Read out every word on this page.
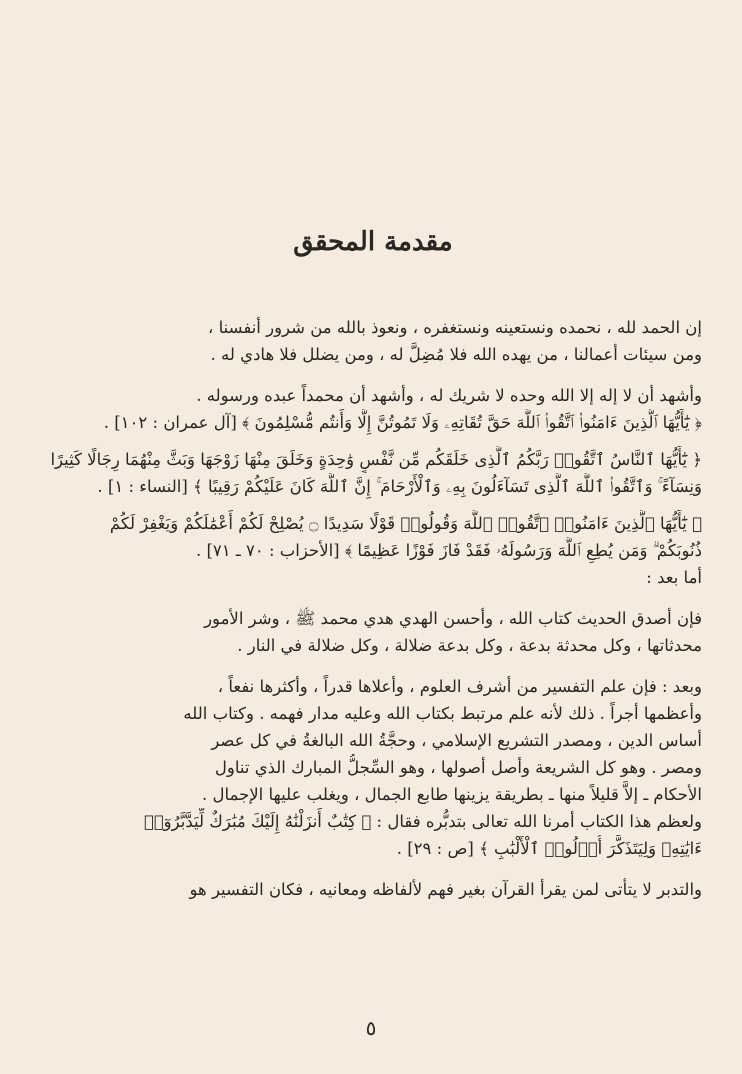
مقدمة المحقق

إن الحمد لله ، نحمده ونستعينه ونستغفره ، ونعوذ بالله من شرور أنفسنا ،
ومن سيئات أعمالنا ، من يهده الله فلا مُضِلَّ له ، ومن يضلل فلا هادي له .

وأشهد أن لا إله إلا الله وحده لا شريك له ، وأشهد أن محمداً عبده ورسوله .
﴿ يَٰٓأَيُّهَا ٱلَّذِينَ ءَامَنُوا۟ ٱتَّقُوا۟ ٱللَّهَ حَقَّ تُقَاتِهِۦ وَلَا تَمُوتُنَّ إِلَّا وَأَنتُم مُّسْلِمُونَ ﴾ [آل عمران : ١٠٢] .

﴿ يَٰٓأَيُّهَا ٱلنَّاسُ ٱتَّقُوا۟ رَبَّكُمُ ٱلَّذِى خَلَقَكُم مِّن نَّفْسٍ وَٰحِدَةٍ وَخَلَقَ مِنْهَا زَوْجَهَا وَبَثَّ مِنْهُمَا رِجَالًا كَثِيرًا
وَنِسَآءً ۚ وَٱتَّقُوا۟ ٱللَّهَ ٱلَّذِى تَسَآءَلُونَ بِهِۦ وَٱلْأَرْحَامَ ۚ إِنَّ ٱللَّهَ كَانَ عَلَيْكُمْ رَقِيبًا ﴾ [النساء : ١] .

﴿ يَٰٓأَيُّهَا ٱلَّذِينَ ءَامَنُوا۟ ٱتَّقُوا۟ ٱللَّهَ وَقُولُوا۟ قَوْلًا سَدِيدًا ۝ يُصْلِحْ لَكُمْ أَعْمَٰلَكُمْ وَيَغْفِرْ لَكُمْ
ذُنُوبَكُمْ ۗ وَمَن يُطِعِ ٱللَّهَ وَرَسُولَهُۥ فَقَدْ فَازَ فَوْزًا عَظِيمًا ﴾ [الأحزاب : ٧٠ ـ ٧١] .

أما بعد :

فإن أصدق الحديث كتاب الله ، وأحسن الهدي هدي محمد ﷺ ، وشر الأمور
محدثاتها ، وكل محدثة بدعة ، وكل بدعة ضلالة ، وكل ضلالة في النار .

وبعد : فإن علم التفسير من أشرف العلوم ، وأعلاها قدراً ، وأكثرها نفعاً ،
وأعظمها أجراً . ذلك لأنه علم مرتبط بكتاب الله وعليه مدار فهمه . وكتاب الله
أساس الدين ، ومصدر التشريع الإسلامي ، وحجَّةُ الله البالغةُ في كل عصر
ومصر . وهو كل الشريعة وأصل أصولها ، وهو السِّجلُّ المبارك الذي تناول
الأحكام ـ إلاَّ قليلاً منها ـ بطريقة يزينها طابع الجمال ، ويغلب عليها الإجمال .
ولعظم هذا الكتاب أمرنا الله تعالى بتدبُّره فقال : ﴿ كِتَٰبٌ أَنزَلْنَٰهُ إِلَيْكَ مُبَٰرَكٌ لِّيَدَّبَّرُوٓا۟
ءَايَٰتِهِۦ وَلِيَتَذَكَّرَ أُو۟لُوا۟ ٱلْأَلْبَٰبِ ﴾ [ص : ٢٩] .

والتدبر لا يتأتى لمن يقرأ القرآن بغير فهم لألفاظه ومعانيه ، فكان التفسير هو

٥
